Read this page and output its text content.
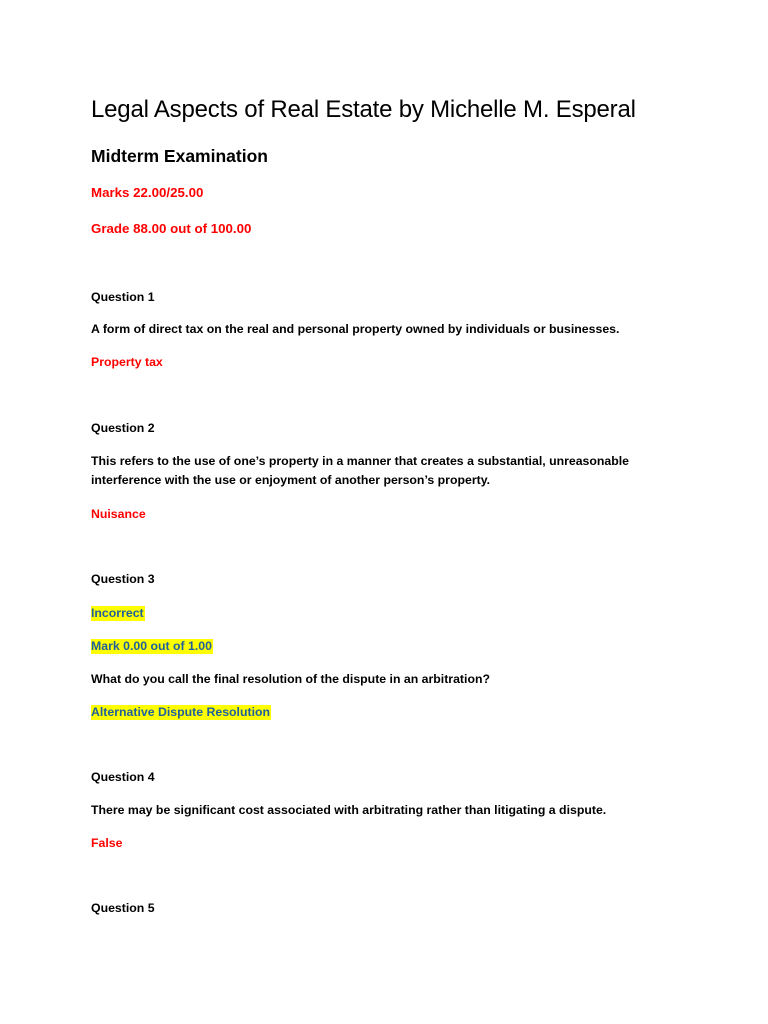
Legal Aspects of Real Estate by Michelle M. Esperal
Midterm Examination
Marks 22.00/25.00
Grade 88.00 out of 100.00
Question 1
A form of direct tax on the real and personal property owned by individuals or businesses.
Property tax
Question 2
This refers to the use of one’s property in a manner that creates a substantial, unreasonable interference with the use or enjoyment of another person’s property.
Nuisance
Question 3
Incorrect
Mark 0.00 out of 1.00
What do you call the final resolution of the dispute in an arbitration?
Alternative Dispute Resolution
Question 4
There may be significant cost associated with arbitrating rather than litigating a dispute.
False
Question 5
